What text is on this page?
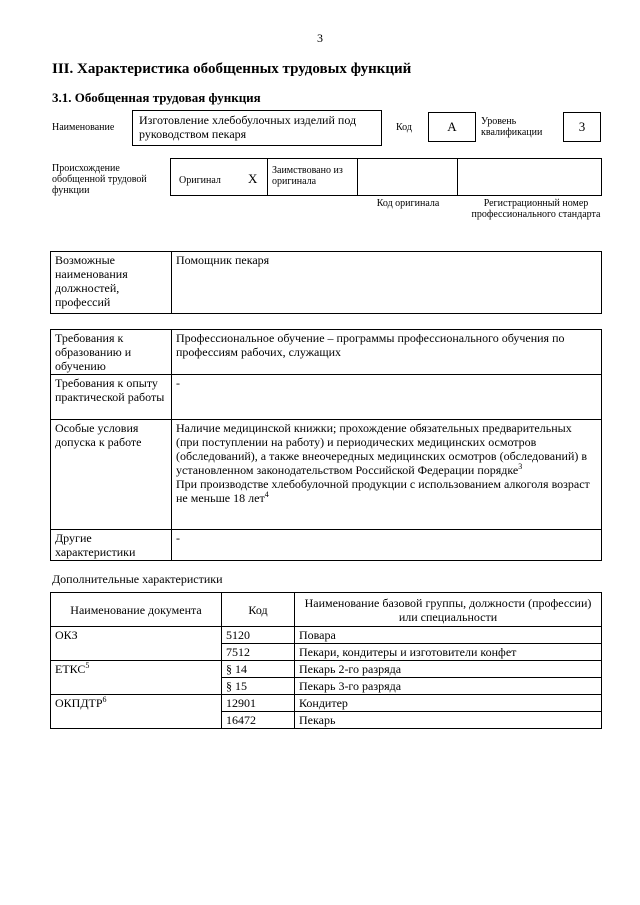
3
III. Характеристика обобщенных трудовых функций
3.1. Обобщенная трудовая функция
Наименование
Изготовление хлебобулочных изделий под руководством пекаря	Код	А	Уровень квалификации	3
Происхождение обобщенной трудовой функции
Оригинал Х
Заимствовано из оригинала
Код оригинала	Регистрационный номер профессионального стандарта
Возможные наименования должностей, профессий	Помощник пекаря
Требования к образованию и обучению	Профессиональное обучение – программы профессионального обучения по профессиям рабочих, служащих
Требования к опыту практической работы	-
Особые условия допуска к работе	Наличие медицинской книжки; прохождение обязательных предварительных (при поступлении на работу) и периодических медицинских осмотров (обследований), а также внеочередных медицинских осмотров (обследований) в установленном законодательством Российской Федерации порядке$^3$
При производстве хлебобулочной продукции с использованием алкоголя возраст не меньше 18 лет$^4$
Другие характеристики	-
Дополнительные характеристики
Наименование документа	Код	Наименование базовой группы, должности (профессии) или специальности
ОКЗ	5120	Повара
	7512	Пекари, кондитеры и изготовители конфет
ЕТКС$^5$	§ 14	Пекарь 2-го разряда
	§ 15	Пекарь 3-го разряда
ОКПДТР$^6$	12901	Кондитер
	16472	Пекарь
